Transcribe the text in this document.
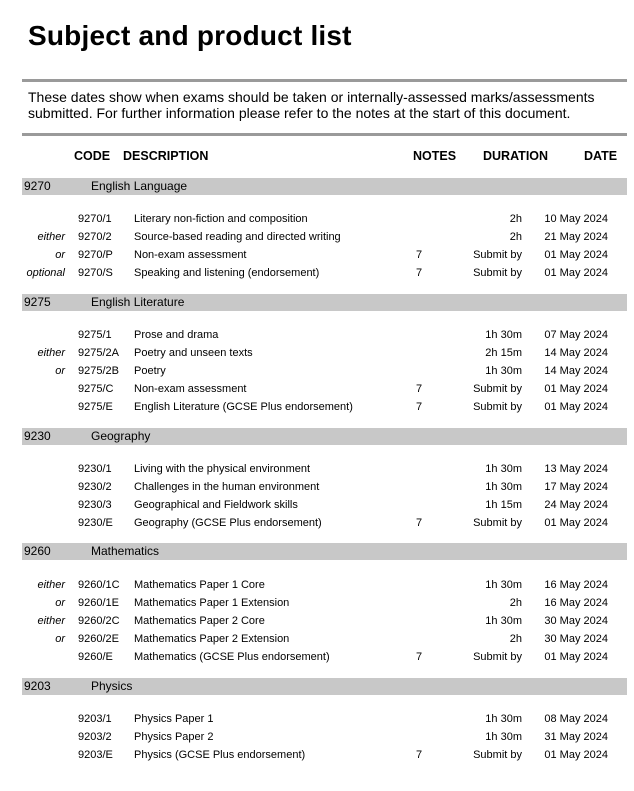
Subject and product list
These dates show when exams should be taken or internally-assessed marks/assessments submitted. For further information please refer to the notes at the start of this document.
CODE DESCRIPTION	NOTES DURATION	DATE
9270	English Language
9270/1 Literary non-fiction and composition	2h 10 May 2024
either 9270/2 Source-based reading and directed writing	2h 21 May 2024
or 9270/P Non-exam assessment	7	Submit by 01 May 2024
optional 9270/S Speaking and listening (endorsement)	7	Submit by 01 May 2024
9275	English Literature
9275/1 Prose and drama	1h 30m 07 May 2024
either 9275/2A Poetry and unseen texts	2h 15m 14 May 2024
or 9275/2B Poetry	1h 30m 14 May 2024
9275/C Non-exam assessment	7	Submit by 01 May 2024
9275/E English Literature (GCSE Plus endorsement)	7	Submit by 01 May 2024
9230	Geography
9230/1 Living with the physical environment	1h 30m 13 May 2024
9230/2 Challenges in the human environment	1h 30m 17 May 2024
9230/3 Geographical and Fieldwork skills	1h 15m 24 May 2024
9230/E Geography (GCSE Plus endorsement)	7	Submit by 01 May 2024
9260	Mathematics
either 9260/1C Mathematics Paper 1 Core	1h 30m 16 May 2024
or 9260/1E Mathematics Paper 1 Extension	2h 16 May 2024
either 9260/2C Mathematics Paper 2 Core	1h 30m 30 May 2024
or 9260/2E Mathematics Paper 2 Extension	2h 30 May 2024
9260/E Mathematics (GCSE Plus endorsement)	7	Submit by 01 May 2024
9203	Physics
9203/1 Physics Paper 1	1h 30m 08 May 2024
9203/2 Physics Paper 2	1h 30m 31 May 2024
9203/E Physics (GCSE Plus endorsement)	7	Submit by 01 May 2024
